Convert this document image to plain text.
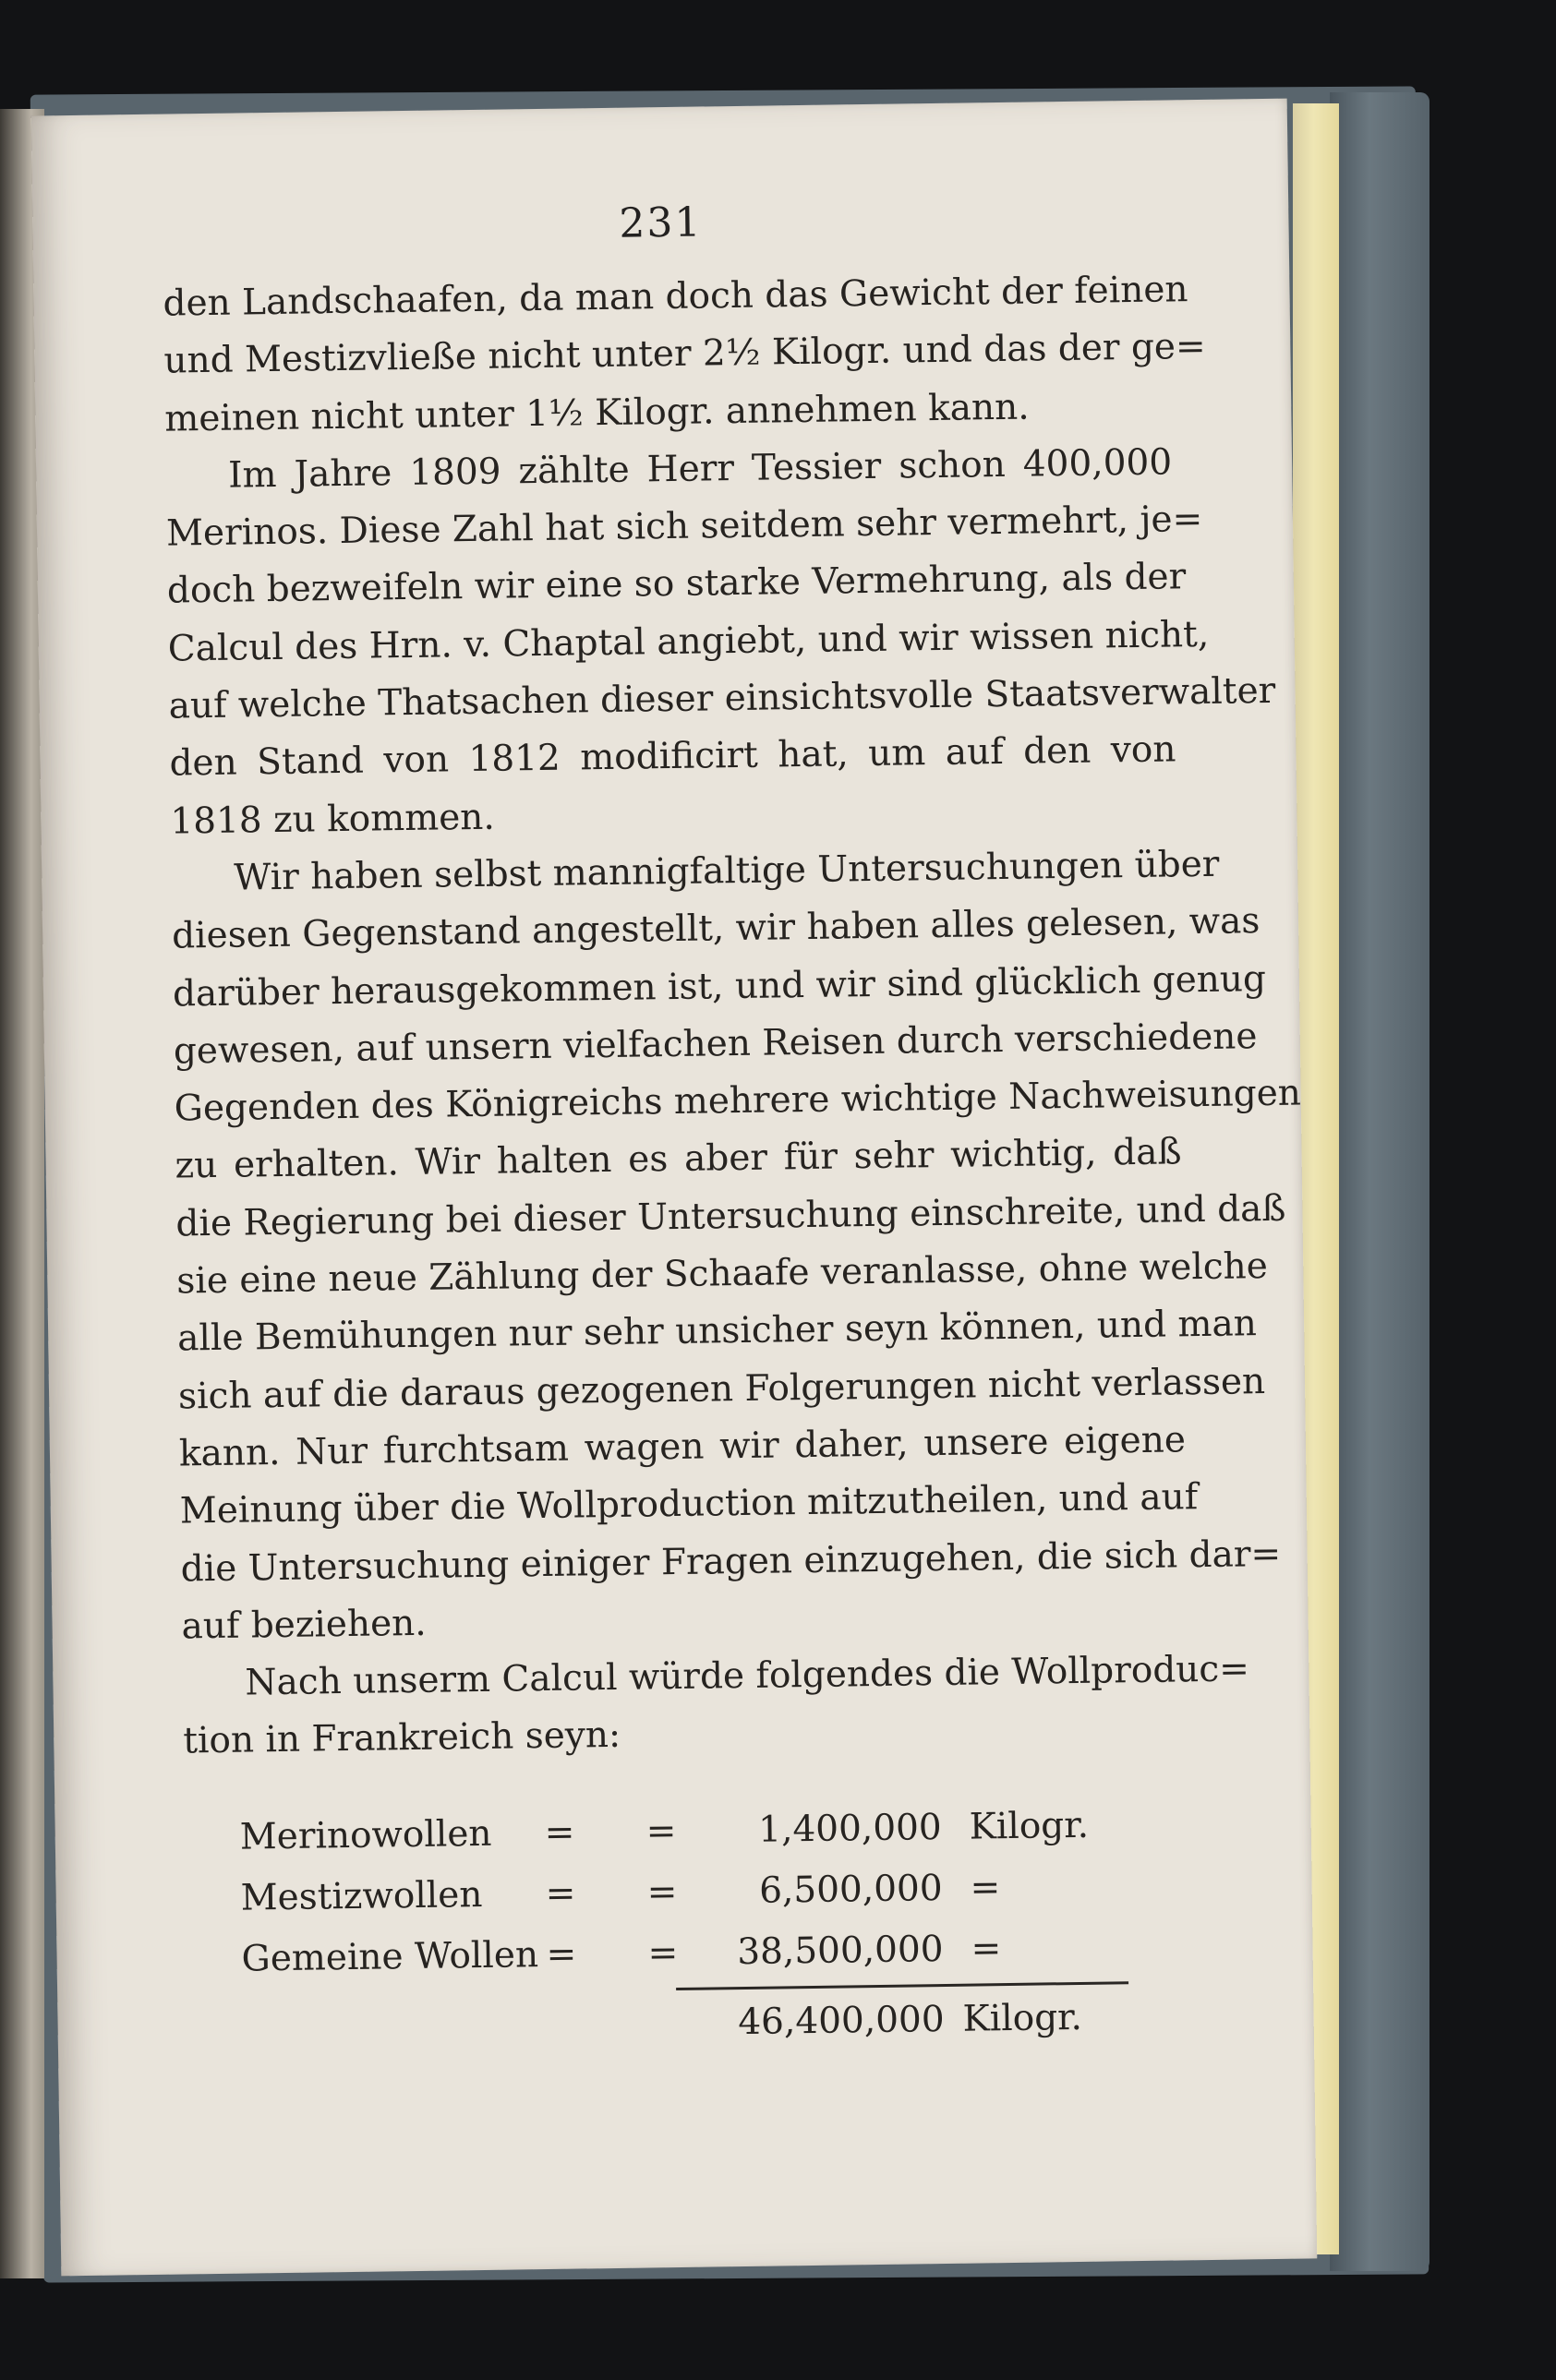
231
den Landschaafen, da man doch das Gewicht der feinen
und Mestizvließe nicht unter 2½ Kilogr. und das der ge=
meinen nicht unter 1½ Kilogr. annehmen kann.
Im Jahre 1809 zählte Herr Tessier schon 400,000
Merinos. Diese Zahl hat sich seitdem sehr vermehrt, je=
doch bezweifeln wir eine so starke Vermehrung, als der
Calcul des Hrn. v. Chaptal angiebt, und wir wissen nicht,
auf welche Thatsachen dieser einsichtsvolle Staatsverwalter
den Stand von 1812 modificirt hat, um auf den von
1818 zu kommen.
Wir haben selbst mannigfaltige Untersuchungen über
diesen Gegenstand angestellt, wir haben alles gelesen, was
darüber herausgekommen ist, und wir sind glücklich genug
gewesen, auf unsern vielfachen Reisen durch verschiedene
Gegenden des Königreichs mehrere wichtige Nachweisungen
zu erhalten. Wir halten es aber für sehr wichtig, daß
die Regierung bei dieser Untersuchung einschreite, und daß
sie eine neue Zählung der Schaafe veranlasse, ohne welche
alle Bemühungen nur sehr unsicher seyn können, und man
sich auf die daraus gezogenen Folgerungen nicht verlassen
kann. Nur furchtsam wagen wir daher, unsere eigene
Meinung über die Wollproduction mitzutheilen, und auf
die Untersuchung einiger Fragen einzugehen, die sich dar=
auf beziehen.
Nach unserm Calcul würde folgendes die Wollproduc=
tion in Frankreich seyn:
Merinowollen = =	1,400,000 Kilogr.
Mestizwollen = =	6,500,000 =
Gemeine Wollen = =	38,500,000 =
46,400,000 Kilogr.
